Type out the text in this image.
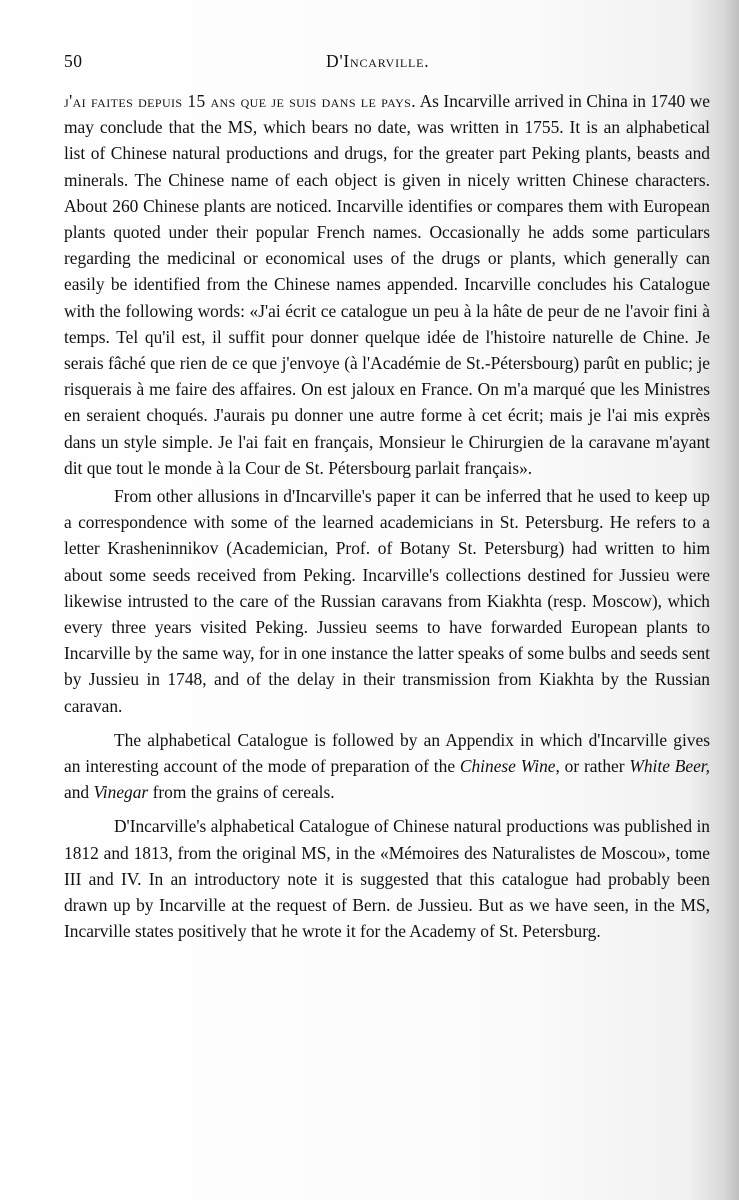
50	D'Incarville.

j'ai faites depuis 15 ans que je suis dans le pays. As Incarville arrived in China in 1740 we may conclude that the MS, which bears no date, was written in 1755. It is an alphabetical list of Chinese natural productions and drugs, for the greater part Peking plants, beasts and minerals. The Chinese name of each object is given in nicely written Chinese characters. About 260 Chinese plants are noticed. Incarville identifies or compares them with European plants quoted under their popular French names. Occasionally he adds some particulars regarding the medicinal or economical uses of the drugs or plants, which generally can easily be identified from the Chinese names appended. Incarville concludes his Catalogue with the following words: «J'ai écrit ce catalogue un peu à la hâte de peur de ne l'avoir fini à temps. Tel qu'il est, il suffit pour donner quelque idée de l'histoire naturelle de Chine. Je serais fâché que rien de ce que j'envoye (à l'Académie de St.-Pétersbourg) parût en public; je risquerais à me faire des affaires. On est jaloux en France. On m'a marqué que les Ministres en seraient choqués. J'aurais pu donner une autre forme à cet écrit; mais je l'ai mis exprès dans un style simple. Je l'ai fait en français, Monsieur le Chirurgien de la caravane m'ayant dit que tout le monde à la Cour de St. Pétersbourg parlait français».

From other allusions in d'Incarville's paper it can be inferred that he used to keep up a correspondence with some of the learned academicians in St. Petersburg. He refers to a letter Krasheninnikov (Academician, Prof. of Botany St. Petersburg) had written to him about some seeds received from Peking. Incarville's collections destined for Jussieu were likewise intrusted to the care of the Russian caravans from Kiakhta (resp. Moscow), which every three years visited Peking. Jussieu seems to have forwarded European plants to Incarville by the same way, for in one instance the latter speaks of some bulbs and seeds sent by Jussieu in 1748, and of the delay in their transmission from Kiakhta by the Russian caravan.

The alphabetical Catalogue is followed by an Appendix in which d'Incarville gives an interesting account of the mode of preparation of the Chinese Wine, or rather White Beer, and Vinegar from the grains of cereals.

D'Incarville's alphabetical Catalogue of Chinese natural productions was published in 1812 and 1813, from the original MS, in the «Mémoires des Naturalistes de Moscou», tome III and IV. In an introductory note it is suggested that this catalogue had probably been drawn up by Incarville at the request of Bern. de Jussieu. But as we have seen, in the MS, Incarville states positively that he wrote it for the Academy of St. Petersburg.
